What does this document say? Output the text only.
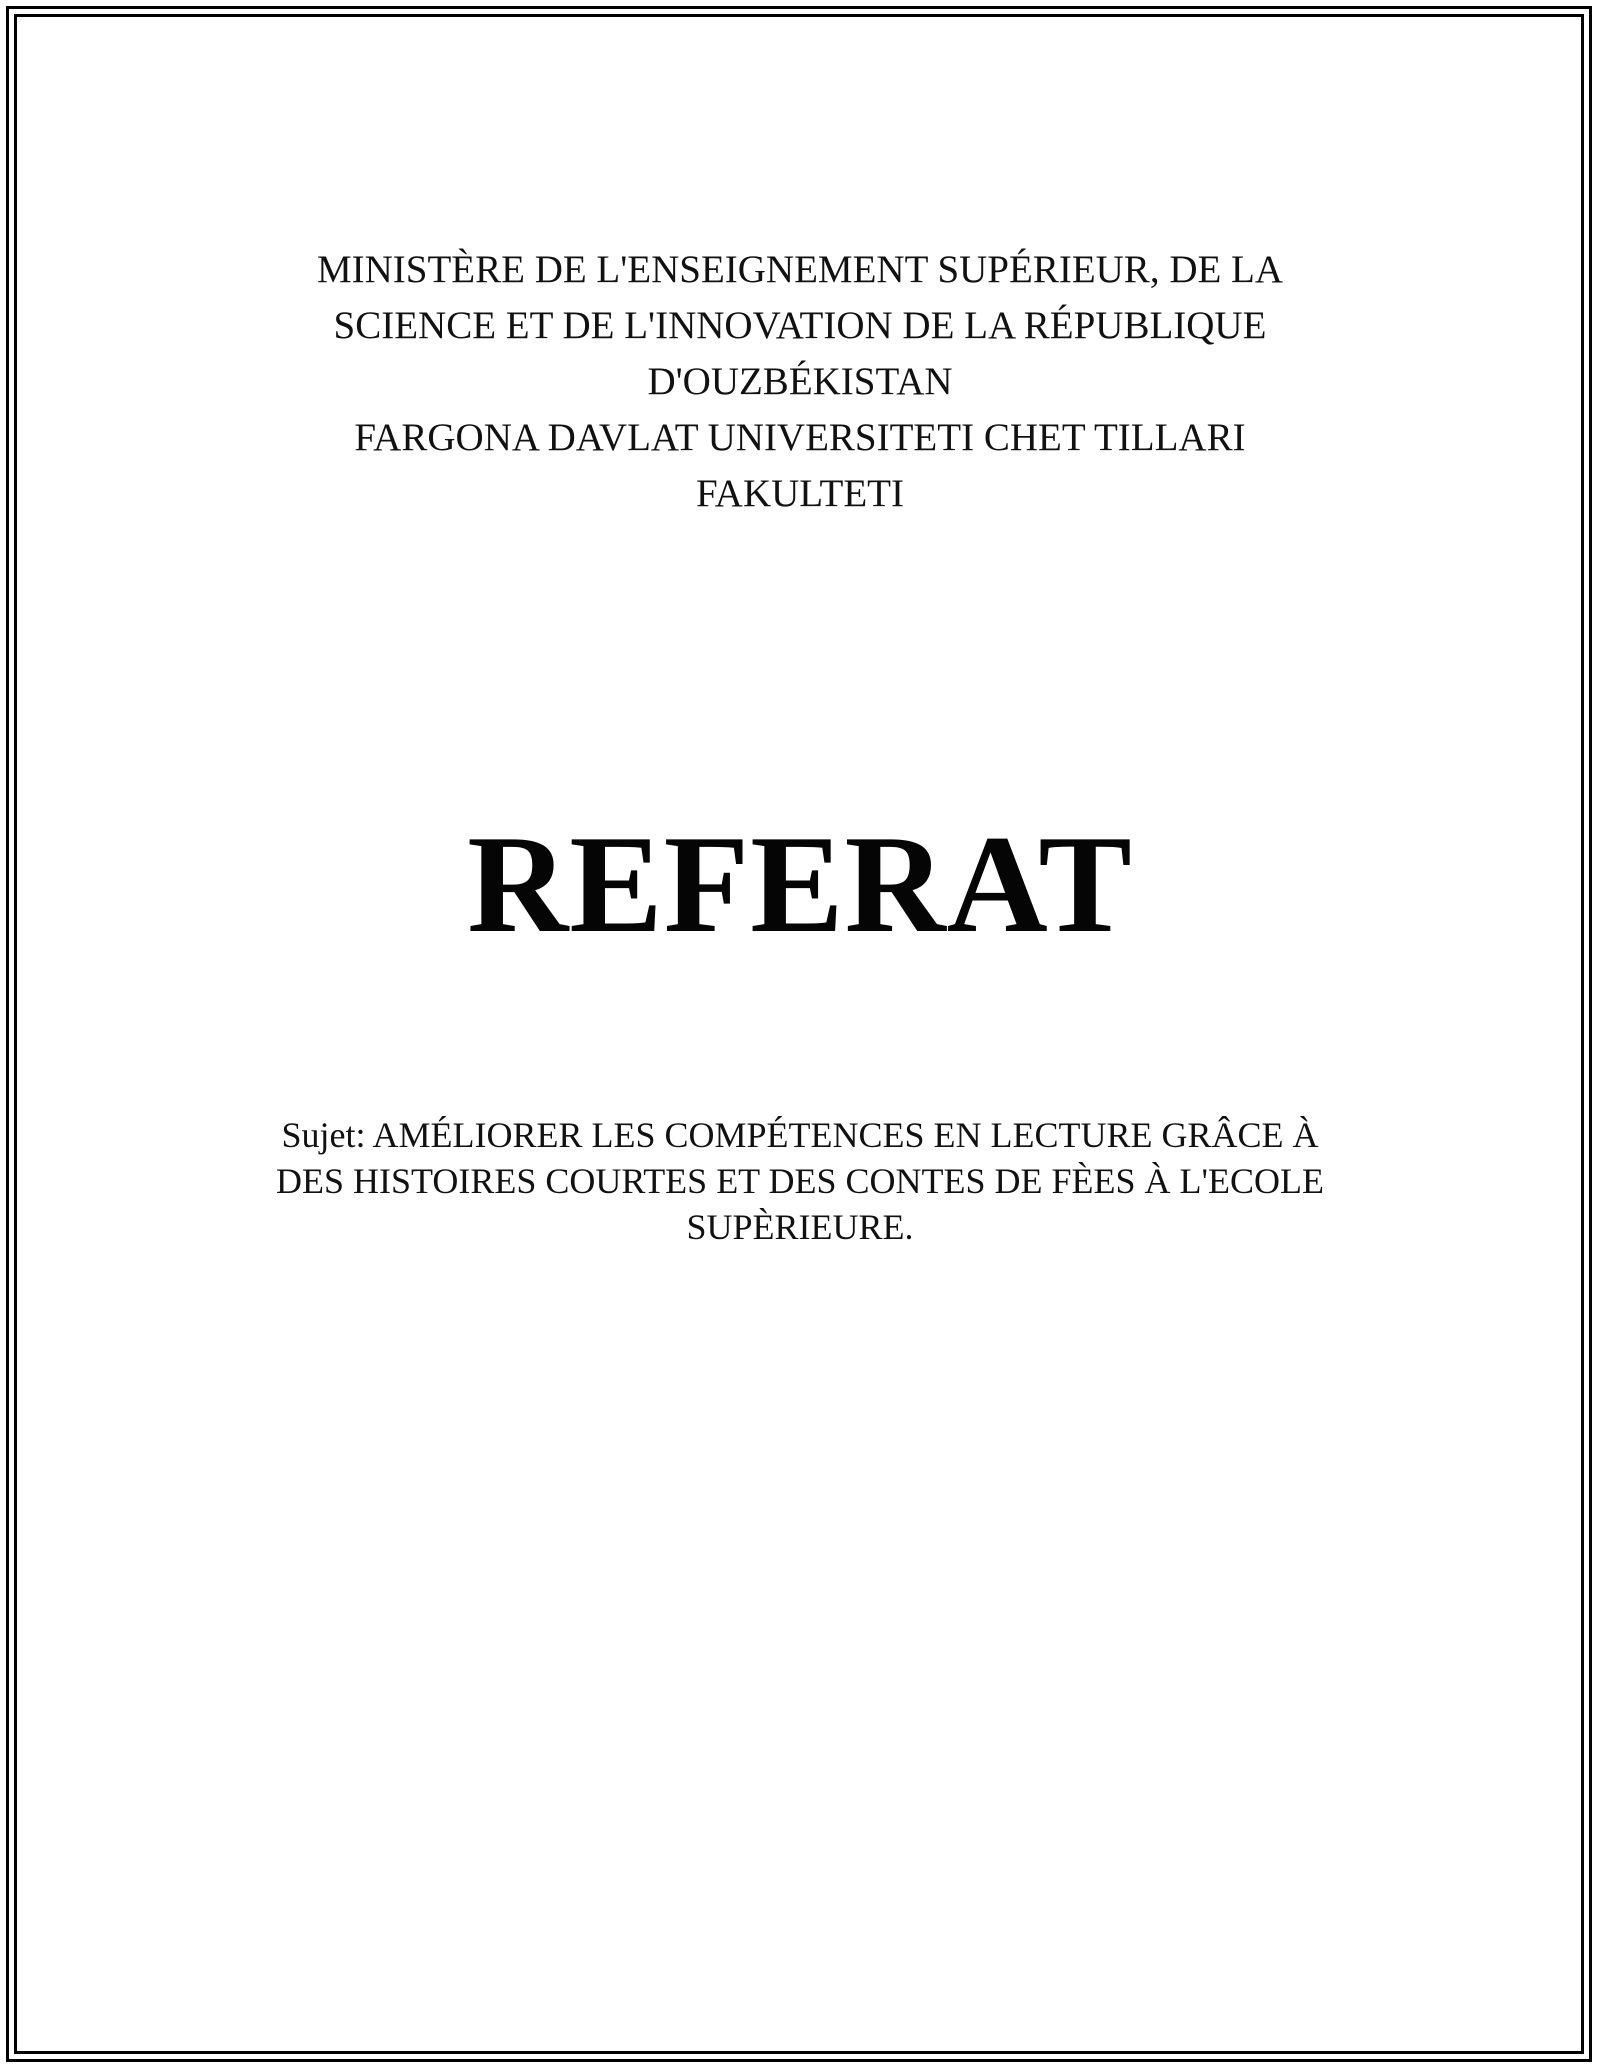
MINISTÈRE DE L'ENSEIGNEMENT SUPÉRIEUR, DE LA
SCIENCE ET DE L'INNOVATION DE LA RÉPUBLIQUE
D'OUZBÉKISTAN
FARGONA DAVLAT UNIVERSITETI CHET TILLARI
FAKULTETI
REFERAT
Sujet: AMÉLIORER LES COMPÉTENCES EN LECTURE GRÂCE À
DES HISTOIRES COURTES ET DES CONTES DE FÈES À L'ECOLE
SUPÈRIEURE.
